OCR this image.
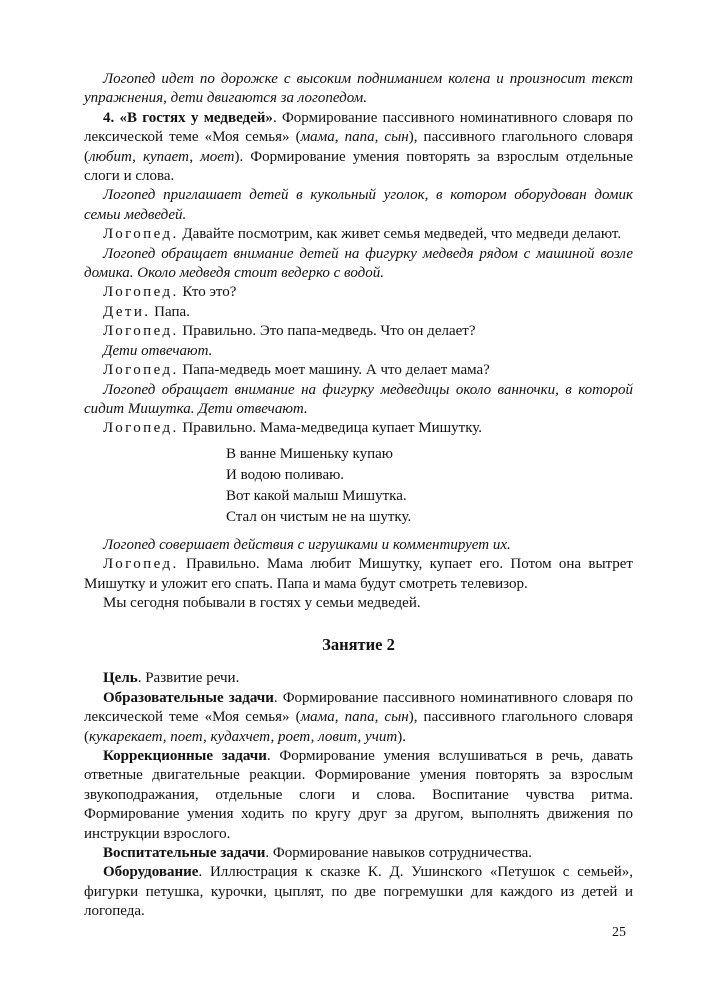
Логопед идет по дорожке с высоким подниманием колена и произносит текст упражнения, дети двигаются за логопедом.

4. «В гостях у медведей». Формирование пассивного номинативного словаря по лексической теме «Моя семья» (мама, папа, сын), пассивного глагольного словаря (любит, купает, моет). Формирование умения повторять за взрослым отдельные слоги и слова.

Логопед приглашает детей в кукольный уголок, в котором оборудован домик семьи медведей.

Логопед. Давайте посмотрим, как живет семья медведей, что медведи делают.

Логопед обращает внимание детей на фигурку медведя рядом с машиной возле домика. Около медведя стоит ведерко с водой.

Логопед. Кто это?

Дети. Папа.

Логопед. Правильно. Это папа-медведь. Что он делает?

Дети отвечают.

Логопед. Папа-медведь моет машину. А что делает мама?

Логопед обращает внимание на фигурку медведицы около ванночки, в которой сидит Мишутка. Дети отвечают.

Логопед. Правильно. Мама-медведица купает Мишутку.

В ванне Мишеньку купаю

И водою поливаю.

Вот какой малыш Мишутка.

Стал он чистым не на шутку.

Логопед совершает действия с игрушками и комментирует их.

Логопед. Правильно. Мама любит Мишутку, купает его. Потом она вытрет Мишутку и уложит его спать. Папа и мама будут смотреть телевизор.

Мы сегодня побывали в гостях у семьи медведей.

Занятие 2

Цель. Развитие речи.

Образовательные задачи. Формирование пассивного номинативного словаря по лексической теме «Моя семья» (мама, папа, сын), пассивного глагольного словаря (кукарекает, поет, кудахчет, роет, ловит, учит).

Коррекционные задачи. Формирование умения вслушиваться в речь, давать ответные двигательные реакции. Формирование умения повторять за взрослым звукоподражания, отдельные слоги и слова. Воспитание чувства ритма. Формирование умения ходить по кругу друг за другом, выполнять движения по инструкции взрослого.

Воспитательные задачи. Формирование навыков сотрудничества.

Оборудование. Иллюстрация к сказке К. Д. Ушинского «Петушок с семьей», фигурки петушка, курочки, цыплят, по две погремушки для каждого из детей и логопеда.

25
